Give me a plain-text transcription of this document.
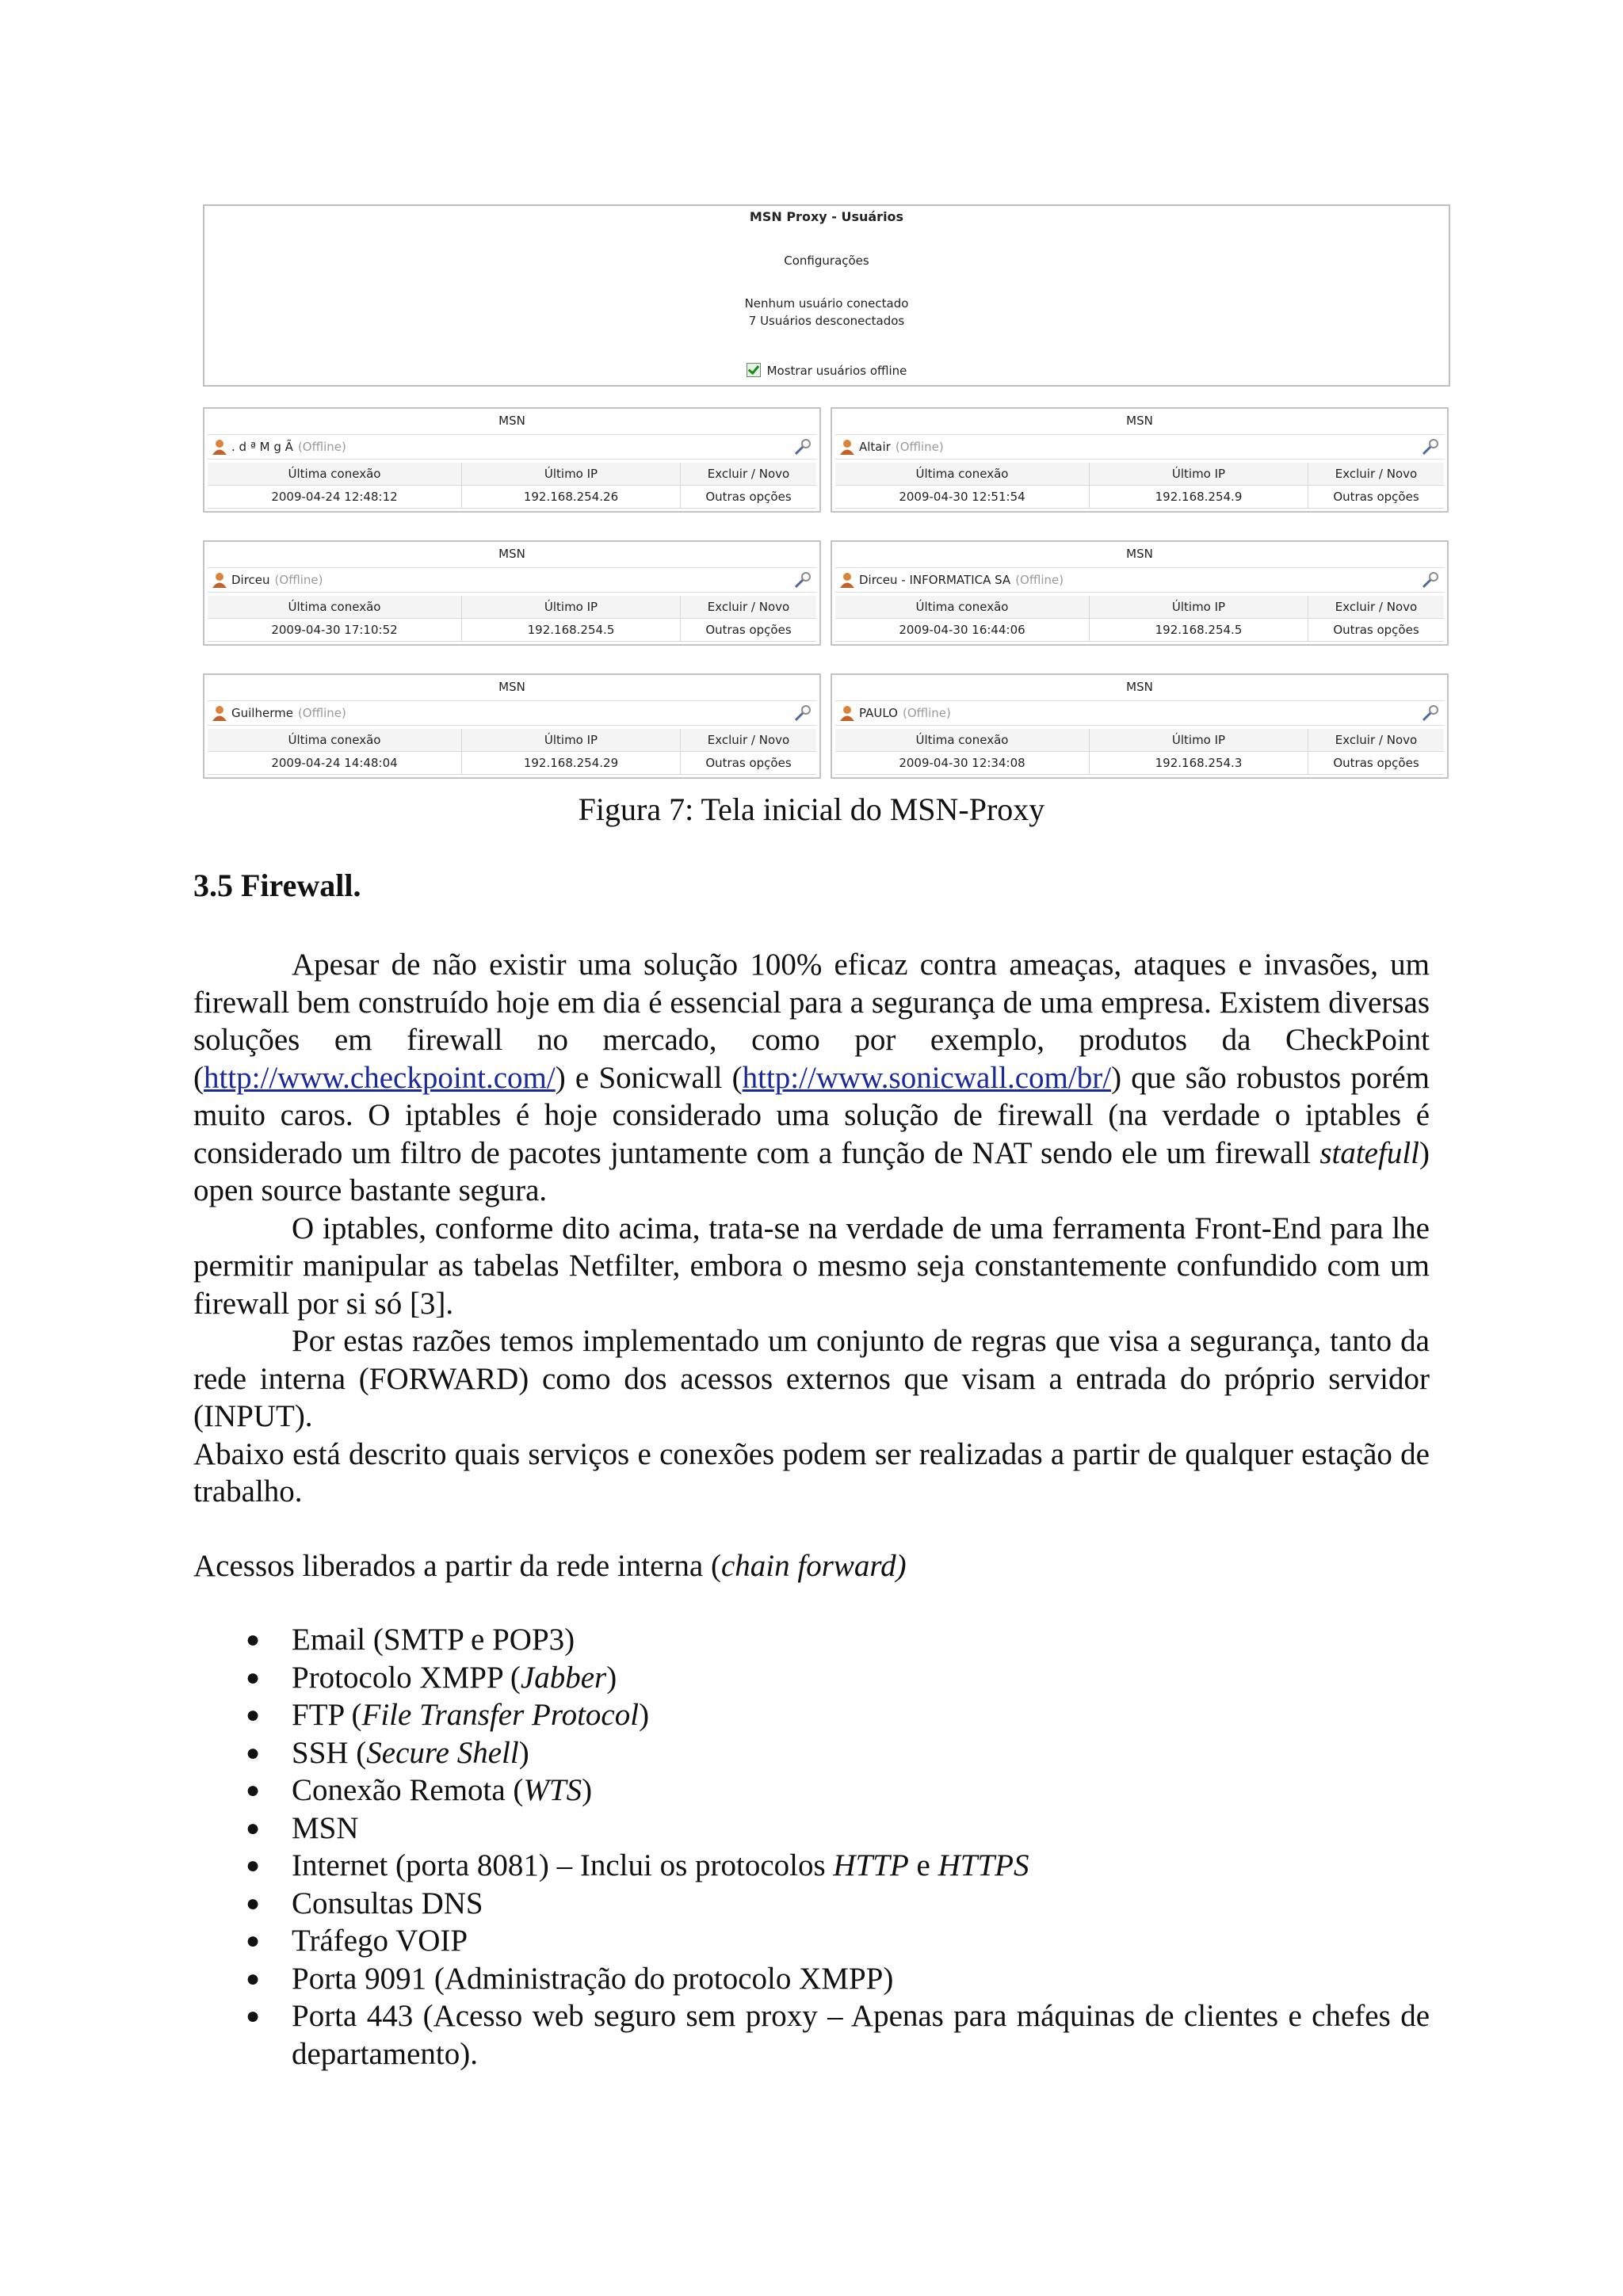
MSN Proxy - Usuários
Configurações
Nenhum usuário conectado
7 Usuários desconectados
Mostrar usuários offline
MSN
. d ª M g Ã (Offline)
Última conexão	Último IP	Excluir / Novo
2009-04-24 12:48:12	192.168.254.26	Outras opções
MSN
Altair (Offline)
Última conexão	Último IP	Excluir / Novo
2009-04-30 12:51:54	192.168.254.9	Outras opções
MSN
Dirceu (Offline)
Última conexão	Último IP	Excluir / Novo
2009-04-30 17:10:52	192.168.254.5	Outras opções
MSN
Dirceu - INFORMATICA SA (Offline)
Última conexão	Último IP	Excluir / Novo
2009-04-30 16:44:06	192.168.254.5	Outras opções
MSN
Guilherme (Offline)
Última conexão	Último IP	Excluir / Novo
2009-04-24 14:48:04	192.168.254.29	Outras opções
MSN
PAULO (Offline)
Última conexão	Último IP	Excluir / Novo
2009-04-30 12:34:08	192.168.254.3	Outras opções
Figura 7: Tela inicial do MSN-Proxy
3.5 Firewall.

Apesar de não existir uma solução 100% eficaz contra ameaças, ataques e invasões, um firewall bem construído hoje em dia é essencial para a segurança de uma empresa. Existem diversas soluções em firewall no mercado, como por exemplo, produtos da CheckPoint (http://www.checkpoint.com/) e Sonicwall (http://www.sonicwall.com/br/) que são robustos porém muito caros. O iptables é hoje considerado uma solução de firewall (na verdade o iptables é considerado um filtro de pacotes juntamente com a função de NAT sendo ele um firewall statefull) open source bastante segura.

O iptables, conforme dito acima, trata-se na verdade de uma ferramenta Front-End para lhe permitir manipular as tabelas Netfilter, embora o mesmo seja constantemente confundido com um firewall por si só [3].

Por estas razões temos implementado um conjunto de regras que visa a segurança, tanto da rede interna (FORWARD) como dos acessos externos que visam a entrada do próprio servidor (INPUT).

Abaixo está descrito quais serviços e conexões podem ser realizadas a partir de qualquer estação de trabalho.

Acessos liberados a partir da rede interna (chain forward)
● Email (SMTP e POP3)
● Protocolo XMPP (Jabber)
● FTP (File Transfer Protocol)
● SSH (Secure Shell)
● Conexão Remota (WTS)
● MSN
● Internet (porta 8081) – Inclui os protocolos HTTP e HTTPS
● Consultas DNS
● Tráfego VOIP
● Porta 9091 (Administração do protocolo XMPP)
● Porta 443 (Acesso web seguro sem proxy – Apenas para máquinas de clientes e chefes de departamento).
